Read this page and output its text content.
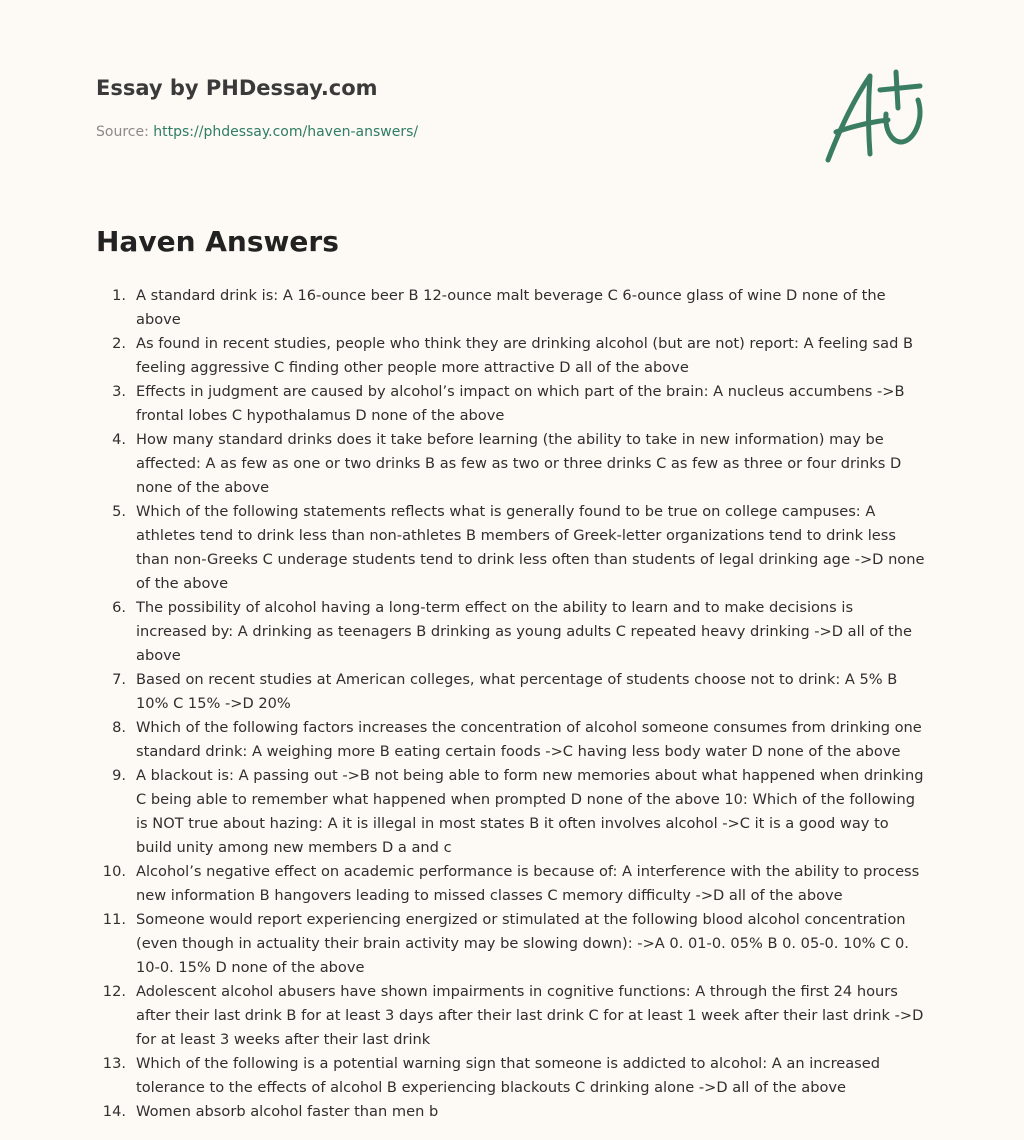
Essay by PHDessay.com
Source: https://phdessay.com/haven-answers/
Haven Answers
1. A standard drink is: A 16-ounce beer B 12-ounce malt beverage C 6-ounce glass of wine D none of the above
2. As found in recent studies, people who think they are drinking alcohol (but are not) report: A feeling sad B feeling aggressive C finding other people more attractive D all of the above
3. Effects in judgment are caused by alcohol’s impact on which part of the brain: A nucleus accumbens ->B frontal lobes C hypothalamus D none of the above
4. How many standard drinks does it take before learning (the ability to take in new information) may be affected: A as few as one or two drinks B as few as two or three drinks C as few as three or four drinks D none of the above
5. Which of the following statements reflects what is generally found to be true on college campuses: A athletes tend to drink less than non-athletes B members of Greek-letter organizations tend to drink less than non-Greeks C underage students tend to drink less often than students of legal drinking age ->D none of the above
6. The possibility of alcohol having a long-term effect on the ability to learn and to make decisions is increased by: A drinking as teenagers B drinking as young adults C repeated heavy drinking ->D all of the above
7. Based on recent studies at American colleges, what percentage of students choose not to drink: A 5% B 10% C 15% ->D 20%
8. Which of the following factors increases the concentration of alcohol someone consumes from drinking one standard drink: A weighing more B eating certain foods ->C having less body water D none of the above
9. A blackout is: A passing out ->B not being able to form new memories about what happened when drinking C being able to remember what happened when prompted D none of the above 10: Which of the following is NOT true about hazing: A it is illegal in most states B it often involves alcohol ->C it is a good way to build unity among new members D a and c
10. Alcohol’s negative effect on academic performance is because of: A interference with the ability to process new information B hangovers leading to missed classes C memory difficulty ->D all of the above
11. Someone would report experiencing energized or stimulated at the following blood alcohol concentration (even though in actuality their brain activity may be slowing down): ->A 0. 01-0. 05% B 0. 05-0. 10% C 0. 10-0. 15% D none of the above
12. Adolescent alcohol abusers have shown impairments in cognitive functions: A through the first 24 hours after their last drink B for at least 3 days after their last drink C for at least 1 week after their last drink ->D for at least 3 weeks after their last drink
13. Which of the following is a potential warning sign that someone is addicted to alcohol: A an increased tolerance to the effects of alcohol B experiencing blackouts C drinking alone ->D all of the above
14. Women absorb alcohol faster than men b
